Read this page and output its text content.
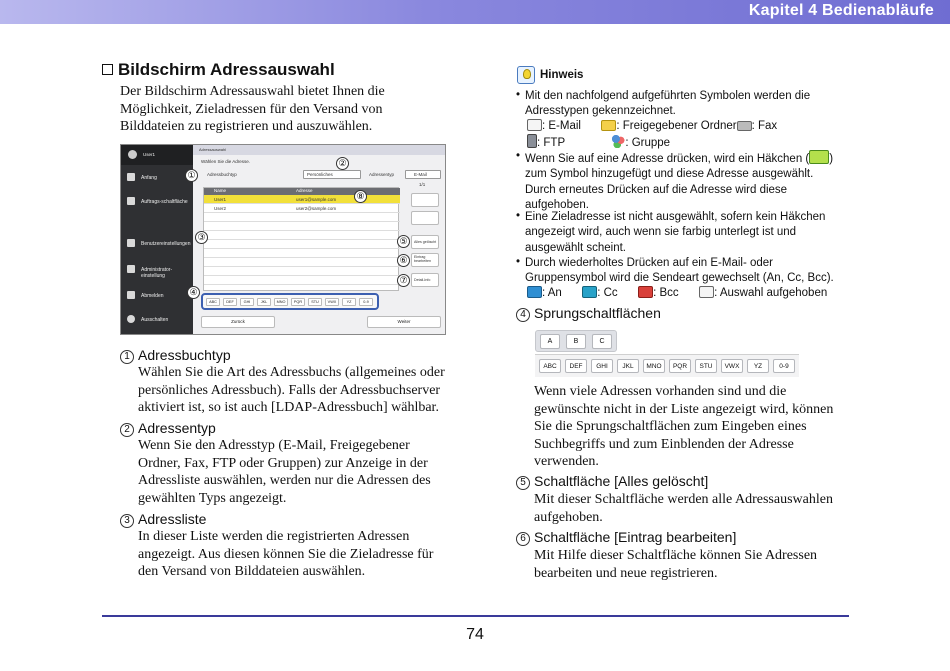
Kapitel 4 Bedienabläufe
Bildschirm Adressauswahl
Der Bildschirm Adressauswahl bietet Ihnen die
Möglichkeit, Zieladressen für den Versand von
Bilddateien zu registrieren und auszuwählen.
User1
Anfang
Auftrags-schaltfläche
Benutzereinstellungen
Administrator-einstellung
Abmelden
Ausschalten
Adressauswahl
Wählen Sie die Adresse.
Adressbuchtyp	Persönliches	Adressentyp	E-Mail
1/1
Name	Adresse
User1	user1@sample.com
User2	user2@sample.com
Alles gelöscht
Eintrag bearbeiten
Detail-Info
ABC	DEF	GHI	JKL	MNO	PQR	STU	VWX	YZ	0-9
Zurück	Weiter
①
②
③
④
⑤
⑥
⑦
⑧
1 Adressbuchtyp
Wählen Sie die Art des Adressbuchs (allgemeines oder
persönliches Adressbuch). Falls der Adressbuchserver
aktiviert ist, so ist auch [LDAP-Adressbuch] wählbar.
2 Adressentyp
Wenn Sie den Adresstyp (E-Mail, Freigegebener
Ordner, Fax, FTP oder Gruppen) zur Anzeige in der
Adressliste auswählen, werden nur die Adressen des
gewählten Typs angezeigt.
3 Adressliste
In dieser Liste werden die registrierten Adressen
angezeigt. Aus diesen können Sie die Zieladresse für
den Versand von Bilddateien auswählen.
Hinweis
• Mit den nachfolgend aufgeführten Symbolen werden die
Adresstypen gekennzeichnet.
: E-Mail	: Freigegebener Ordner : Fax
: FTP	: Gruppe
• Wenn Sie auf eine Adresse drücken, wird ein Häkchen ( )
zum Symbol hinzugefügt und diese Adresse ausgewählt.
Durch erneutes Drücken auf die Adresse wird diese
aufgehoben.
• Eine Zieladresse ist nicht ausgewählt, sofern kein Häkchen
angezeigt wird, auch wenn sie farbig unterlegt ist und
ausgewählt scheint.
• Durch wiederholtes Drücken auf ein E-Mail- oder
Gruppensymbol wird die Sendeart gewechselt (An, Cc, Bcc).
: An	: Cc	: Bcc	: Auswahl aufgehoben
4 Sprungschaltflächen
A	B	C
ABC	DEF	GHI	JKL	MNO	PQR	STU	VWX	YZ	0-9
Wenn viele Adressen vorhanden sind und die
gewünschte nicht in der Liste angezeigt wird, können
Sie die Sprungschaltflächen zum Eingeben eines
Suchbegriffs und zum Einblenden der Adresse
verwenden.
5 Schaltfläche [Alles gelöscht]
Mit dieser Schaltfläche werden alle Adressauswahlen
aufgehoben.
6 Schaltfläche [Eintrag bearbeiten]
Mit Hilfe dieser Schaltfläche können Sie Adressen
bearbeiten und neue registrieren.
74
